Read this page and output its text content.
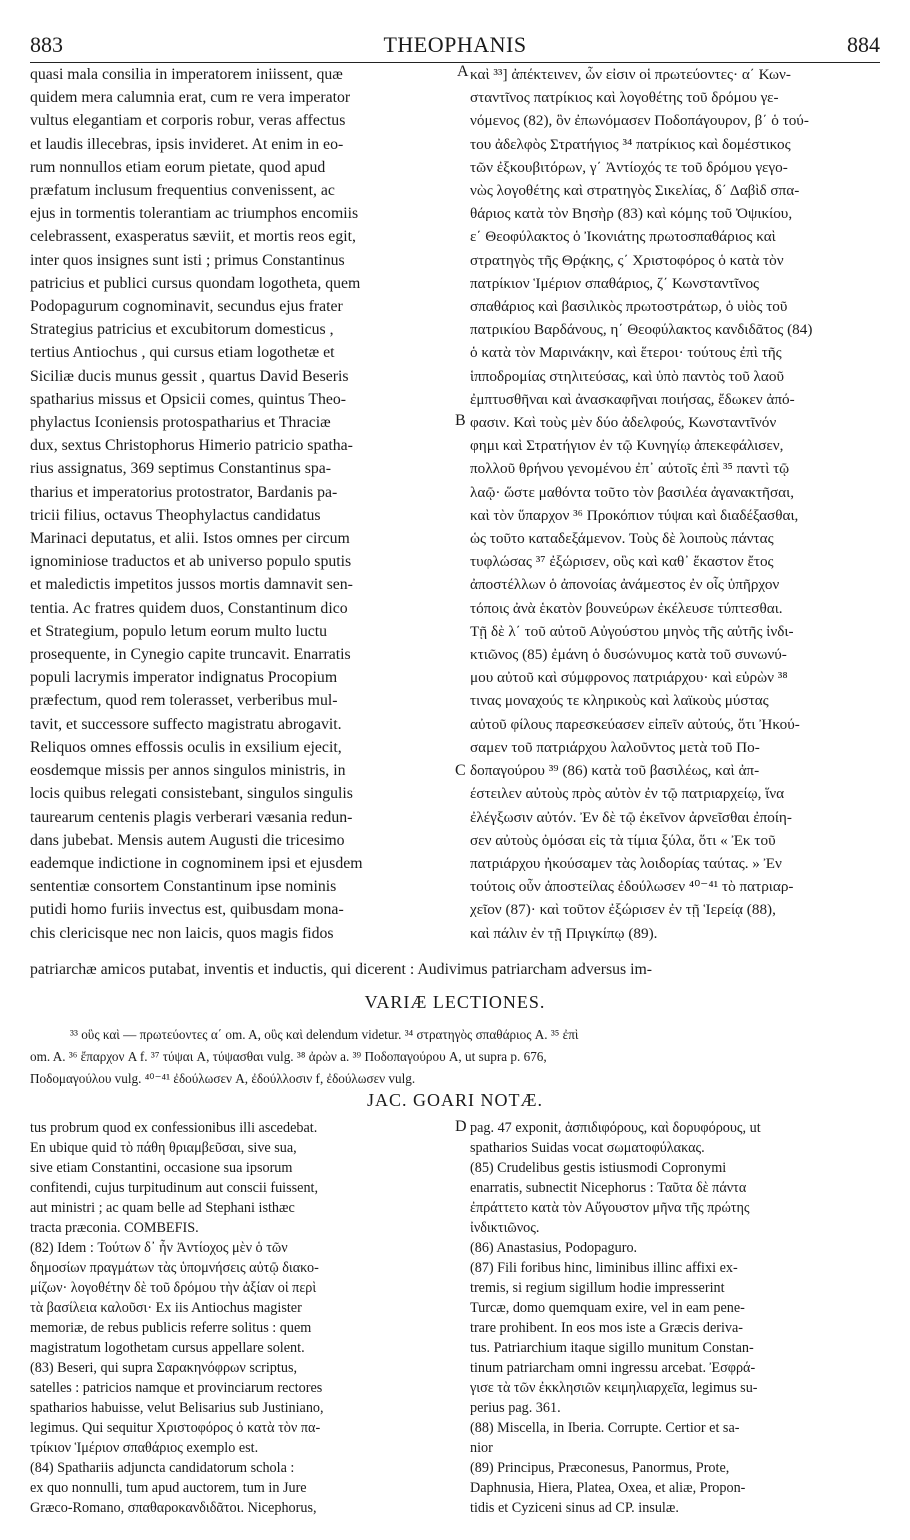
883	THEOPHANIS	884
quasi mala consilia in imperatorem iniissent, quæ
quidem mera calumnia erat, cum re vera imperator
vultus elegantiam et corporis robur, veras affectus
et laudis illecebras, ipsis invideret. At enim in eo-
rum nonnullos etiam eorum pietate, quod apud
præfatum inclusum frequentius convenissent, ac
ejus in tormentis tolerantiam ac triumphos encomiis
celebrassent, exasperatus sæviit, et mortis reos egit,
inter quos insignes sunt isti ; primus Constantinus
patricius et publici cursus quondam logotheta, quem
Podopagurum cognominavit, secundus ejus frater
Strategius patricius et excubitorum domesticus ,
tertius Antiochus , qui cursus etiam logothetæ et
Siciliæ ducis munus gessit , quartus David Beseris
spatharius missus et Opsicii comes, quintus Theo-
phylactus Iconiensis protospatharius et Thraciæ
dux, sextus Christophorus Himerio patricio spatha-
rius assignatus, 369 septimus Constantinus spa-
tharius et imperatorius protostrator, Bardanis pa-
tricii filius, octavus Theophylactus candidatus
Marinaci deputatus, et alii. Istos omnes per circum
ignominiose traductos et ab universo populo sputis
et maledictis impetitos jussos mortis damnavit sen-
tentia. Ac fratres quidem duos, Constantinum dico
et Strategium, populo letum eorum multo luctu
prosequente, in Cynegio capite truncavit. Enarratis
populi lacrymis imperator indignatus Procopium
præfectum, quod rem tolerasset, verberibus mul-
tavit, et successore suffecto magistratu abrogavit.
Reliquos omnes effossis oculis in exsilium ejecit,
eosdemque missis per annos singulos ministris, in
locis quibus relegati consistebant, singulos singulis
taurearum centenis plagis verberari væsania redun-
dans jubebat. Mensis autem Augusti die tricesimo
eademque indictione in cognominem ipsi et ejusdem
sententiæ consortem Constantinum ipse nominis
putidi homo furiis invectus est, quibusdam mona-
chis clericisque nec non laicis, quos magis fidos
καὶ ³³] ἀπέκτεινεν, ὧν εἰσιν οἱ πρωτεύοντες· α΄ Κων-
σταντῖνος πατρίκιος καὶ λογοθέτης τοῦ δρόμου γε-
νόμενος (82), ὃν ἐπωνόμασεν Ποδοπάγουρον, β΄ ὁ τού-
του ἀδελφὸς Στρατήγιος ³⁴ πατρίκιος καὶ δομέστικος
τῶν ἐξκουβιτόρων, γ΄ Ἀντίοχός τε τοῦ δρόμου γεγο-
νὼς λογοθέτης καὶ στρατηγὸς Σικελίας, δ΄ Δαβὶδ σπα-
θάριος κατὰ τὸν Βησὴρ (83) καὶ κόμης τοῦ Ὀψικίου,
ε΄ Θεοφύλακτος ὁ Ἰκονιάτης πρωτοσπαθάριος καὶ
στρατηγὸς τῆς Θρᾴκης, ς΄ Χριστοφόρος ὁ κατὰ τὸν
πατρίκιον Ἱμέριον σπαθάριος, ζ΄ Κωνσταντῖνος
σπαθάριος καὶ βασιλικὸς πρωτοστράτωρ, ὁ υἱὸς τοῦ
πατρικίου Βαρδάνους, η΄ Θεοφύλακτος κανδιδᾶτος (84)
ὁ κατὰ τὸν Μαρινάκην, καὶ ἕτεροι· τούτους ἐπὶ τῆς
ἱπποδρομίας στηλιτεύσας, καὶ ὑπὸ παντὸς τοῦ λαοῦ
ἐμπτυσθῆναι καὶ ἀνασκαφῆναι ποιήσας, ἔδωκεν ἀπό-
φασιν. Καὶ τοὺς μὲν δύο ἀδελφούς, Κωνσταντῖνόν
φημι καὶ Στρατήγιον ἐν τῷ Κυνηγίῳ ἀπεκεφάλισεν,
πολλοῦ θρήνου γενομένου ἐπ᾽ αὐτοῖς ἐπὶ ³⁵ παντὶ τῷ
λαῷ· ὥστε μαθόντα τοῦτο τὸν βασιλέα ἀγανακτῆσαι,
καὶ τὸν ὕπαρχον ³⁶ Προκόπιον τύψαι καὶ διαδέξασθαι,
ὡς τοῦτο καταδεξάμενον. Τοὺς δὲ λοιποὺς πάντας
τυφλώσας ³⁷ ἐξώρισεν, οὓς καὶ καθ᾽ ἕκαστον ἔτος
ἀποστέλλων ὁ ἀπονοίας ἀνάμεστος ἐν οἷς ὑπῆρχον
τόποις ἀνὰ ἑκατὸν βουνεύρων ἐκέλευσε τύπτεσθαι.
Τῇ δὲ λ΄ τοῦ αὐτοῦ Αὐγούστου μηνὸς τῆς αὐτῆς ἰνδι-
κτιῶνος (85) ἐμάνη ὁ δυσώνυμος κατὰ τοῦ συνωνύ-
μου αὐτοῦ καὶ σύμφρονος πατριάρχου· καὶ εὑρὼν ³⁸
τινας μοναχούς τε κληρικοὺς καὶ λαϊκοὺς μύστας
αὐτοῦ φίλους παρεσκεύασεν εἰπεῖν αὐτούς, ὅτι Ἠκού-
σαμεν τοῦ πατριάρχου λαλοῦντος μετὰ τοῦ Πο-
δοπαγούρου ³⁹ (86) κατὰ τοῦ βασιλέως, καὶ ἀπ-
έστειλεν αὐτοὺς πρὸς αὐτὸν ἐν τῷ πατριαρχείῳ, ἵνα
ἐλέγξωσιν αὐτόν. Ἐν δὲ τῷ ἐκεῖνον ἀρνεῖσθαι ἐποίη-
σεν αὐτοὺς ὀμόσαι εἰς τὰ τίμια ξύλα, ὅτι « Ἐκ τοῦ
πατριάρχου ἠκούσαμεν τὰς λοιδορίας ταύτας. » Ἐν
τούτοις οὖν ἀποστείλας ἐδούλωσεν ⁴⁰⁻⁴¹ τὸ πατριαρ-
χεῖον (87)· καὶ τοῦτον ἐξώρισεν ἐν τῇ Ἱερείᾳ (88),
καὶ πάλιν ἐν τῇ Πριγκίπῳ (89).
A
B
C
D
patriarchæ amicos putabat, inventis et inductis, qui dicerent : Audivimus patriarcham adversus im-
VARIÆ LECTIONES.
³³ οὓς καὶ — πρωτεύοντες α΄ om. A, οὓς καὶ delendum videtur. ³⁴ στρατηγὸς σπαθάριος A. ³⁵ ἐπὶ
om. A. ³⁶ ἔπαρχον A f. ³⁷ τύψαι A, τύψασθαι vulg. ³⁸ ἀρὼν a. ³⁹ Ποδοπαγούρου A, ut supra p. 676,
Ποδομαγούλου vulg. ⁴⁰⁻⁴¹ ἐδούλωσεν A, ἐδούλλοσιν f, ἐδούλωσεν vulg.
JAC. GOARI NOTÆ.
tus probrum quod ex confessionibus illi ascedebat.
En ubique quid τὸ πάθη θριαμβεῦσαι, sive sua,
sive etiam Constantini, occasione sua ipsorum
confitendi, cujus turpitudinum aut conscii fuissent,
aut ministri ; ac quam belle ad Stephani isthæc
tracta præconia. COMBEFIS.
(82) Idem : Τούτων δ᾽ ἦν Ἀντίοχος μὲν ὁ τῶν
δημοσίων πραγμάτων τὰς ὑπομνήσεις αὐτῷ διακο-
μίζων· λογοθέτην δὲ τοῦ δρόμου τὴν ἀξίαν οἱ περὶ
τὰ βασίλεια καλοῦσι· Ex iis Antiochus magister
memoriæ, de rebus publicis referre solitus : quem
magistratum logothetam cursus appellare solent.
(83) Beseri, qui supra Σαρακηνόφρων scriptus,
satelles : patricios namque et provinciarum rectores
spatharios habuisse, velut Belisarius sub Justiniano,
legimus. Qui sequitur Χριστοφόρος ὁ κατὰ τὸν πα-
τρίκιον Ἱμέριον σπαθάριος exemplo est.
(84) Spathariis adjuncta candidatorum schola :
ex quo nonnulli, tum apud auctorem, tum in Jure
Græco-Romano, σπαθαροκανδιδᾶτοι. Nicephorus,
pag. 47 exponit, ἀσπιδιφόρους, καὶ δορυφόρους, ut
spatharios Suidas vocat σωματοφύλακας.
(85) Crudelibus gestis istiusmodi Copronymi
enarratis, subnectit Nicephorus : Ταῦτα δὲ πάντα
ἐπράττετο κατὰ τὸν Αὔγουστον μῆνα τῆς πρώτης
ἰνδικτιῶνος.
(86) Anastasius, Podopaguro.
(87) Fili foribus hinc, liminibus illinc affixi ex-
tremis, si regium sigillum hodie impresserint
Turcæ, domo quemquam exire, vel in eam pene-
trare prohibent. In eos mos iste a Græcis deriva-
tus. Patriarchium itaque sigillo munitum Constan-
tinum patriarcham omni ingressu arcebat. Ἐσφρά-
γισε τὰ τῶν ἐκκλησιῶν κειμηλιαρχεῖα, legimus su-
perius pag. 361.
(88) Miscella, in Iberia. Corrupte. Certior et sa-
nior
(89) Principus, Præconesus, Panormus, Prote,
Daphnusia, Hiera, Platea, Oxea, et aliæ, Propon-
tidis et Cyziceni sinus ad CP. insulæ.
